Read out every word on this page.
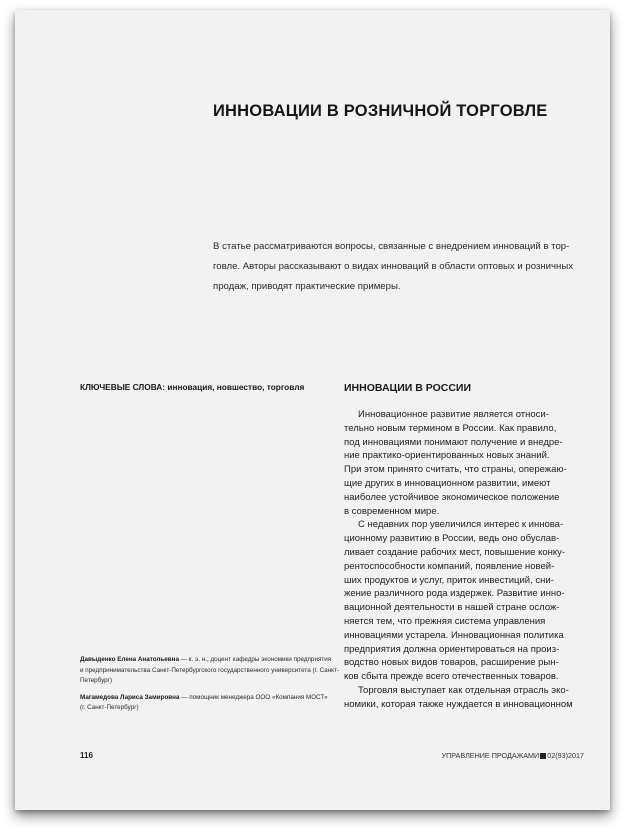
ИННОВАЦИИ В РОЗНИЧНОЙ ТОРГОВЛЕ

В статье рассматриваются вопросы, связанные с внедрением инноваций в тор-
говле. Авторы рассказывают о видах инноваций в области оптовых и розничных
продаж, приводят практические примеры.

КЛЮЧЕВЫЕ СЛОВА: инновация, новшество, торговля
Давыденко Елена Анатольевна — к. э. н., доцент кафедры экономики предприятия
и предпринимательства Санкт-Петербургского государственного университета (г. Санкт-
Петербург)
Магамедова Лариса Замировна — помощник менеджера ООО «Компания МОСТ»
(г. Санкт-Петербург)
ИННОВАЦИИ В РОССИИ
Инновационное развитие является относи-
тельно новым термином в России. Как правило,
под инновациями понимают получение и внедре-
ние практико-ориентированных новых знаний.
При этом принято считать, что страны, опережаю-
щие других в инновационном развитии, имеют
наиболее устойчивое экономическое положение
в современном мире.
С недавних пор увеличился интерес к иннова-
ционному развитию в России, ведь оно обуслав-
ливает создание рабочих мест, повышение конку-
рентоспособности компаний, появление новей-
ших продуктов и услуг, приток инвестиций, сни-
жение различного рода издержек. Развитие инно-
вационной деятельности в нашей стране ослож-
няется тем, что прежняя система управления
инновациями устарела. Инновационная политика
предприятия должна ориентироваться на произ-
водство новых видов товаров, расширение рын-
ков сбыта прежде всего отечественных товаров.
Торговля выступает как отдельная отрасль эко-
номики, которая также нуждается в инновационном
116	УПРАВЛЕНИЕ ПРОДАЖАМИ 02(93)2017
